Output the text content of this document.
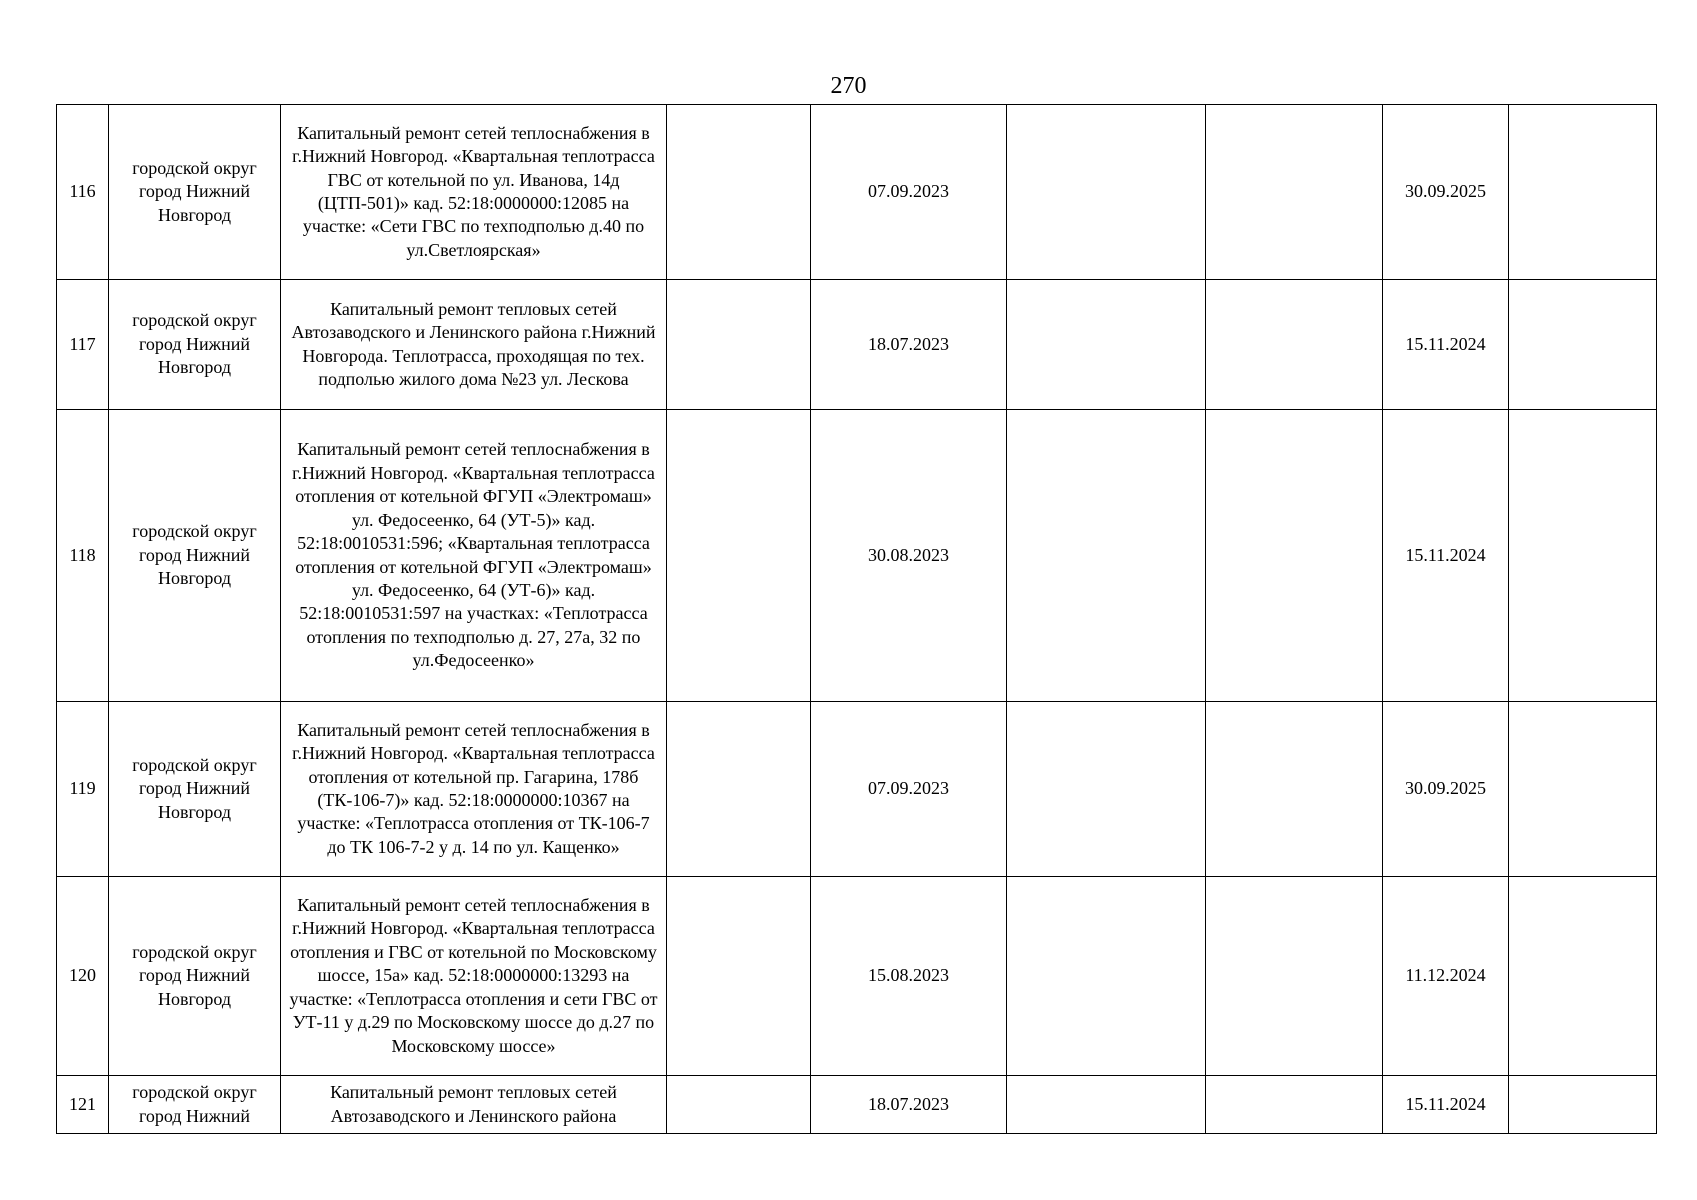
270
116	городской округ город Нижний Новгород	Капитальный ремонт сетей теплоснабжения в г.Нижний Новгород. «Квартальная теплотрасса ГВС от котельной по ул. Иванова, 14д (ЦТП-501)» кад. 52:18:0000000:12085 на участке: «Сети ГВС по техподполью д.40 по ул.Светлоярская»		07.09.2023			30.09.2025	
117	городской округ город Нижний Новгород	Капитальный ремонт тепловых сетей Автозаводского и Ленинского района г.Нижний Новгорода. Теплотрасса, проходящая по тех. подполью жилого дома №23 ул. Лескова		18.07.2023			15.11.2024	
118	городской округ город Нижний Новгород	Капитальный ремонт сетей теплоснабжения в г.Нижний Новгород. «Квартальная теплотрасса отопления от котельной ФГУП «Электромаш» ул. Федосеенко, 64 (УТ-5)» кад. 52:18:0010531:596; «Квартальная теплотрасса отопления от котельной ФГУП «Электромаш» ул. Федосеенко, 64 (УТ-6)» кад. 52:18:0010531:597 на участках: «Теплотрасса отопления по техподполью д. 27, 27а, 32 по ул.Федосеенко»		30.08.2023			15.11.2024	
119	городской округ город Нижний Новгород	Капитальный ремонт сетей теплоснабжения в г.Нижний Новгород. «Квартальная теплотрасса отопления от котельной пр. Гагарина, 178б (ТК-106-7)» кад. 52:18:0000000:10367 на участке: «Теплотрасса отопления от ТК-106-7 до ТК 106-7-2 у д. 14 по ул. Кащенко»		07.09.2023			30.09.2025	
120	городской округ город Нижний Новгород	Капитальный ремонт сетей теплоснабжения в г.Нижний Новгород. «Квартальная теплотрасса отопления и ГВС от котельной по Московскому шоссе, 15а» кад. 52:18:0000000:13293 на участке: «Теплотрасса отопления и сети ГВС от УТ-11 у д.29 по Московскому шоссе до д.27 по Московскому шоссе»		15.08.2023			11.12.2024	
121	городской округ город Нижний	Капитальный ремонт тепловых сетей Автозаводского и Ленинского района		18.07.2023			15.11.2024	
